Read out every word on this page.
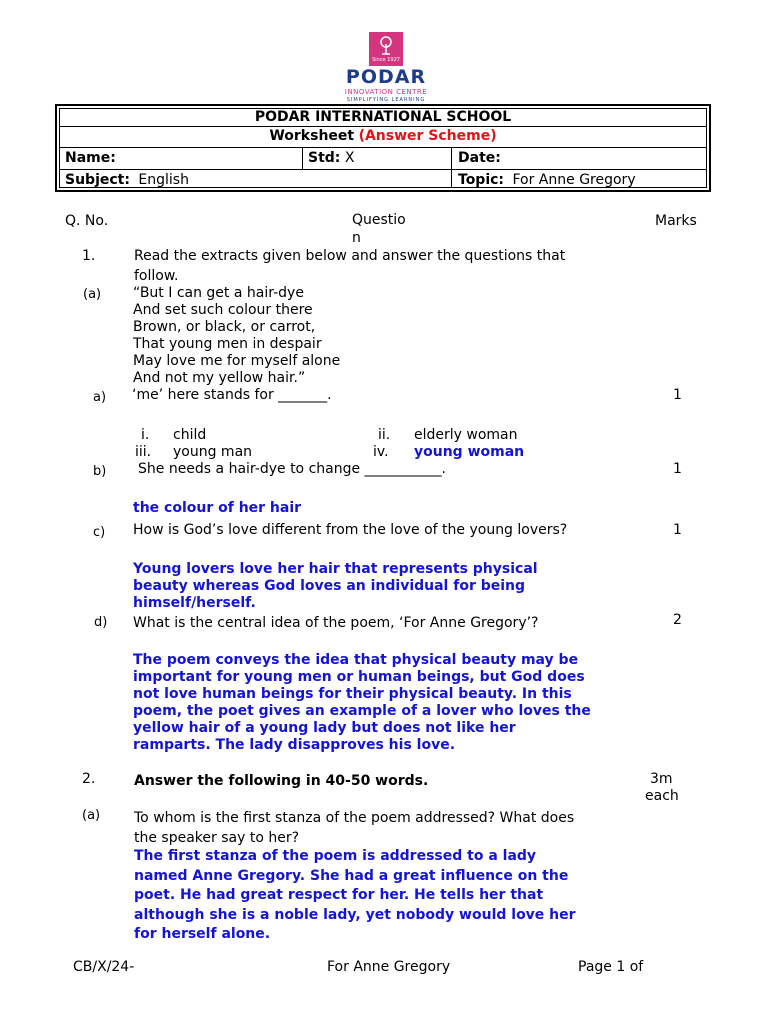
Since 1927
PODAR
INNOVATION CENTRE
SIMPLIFYING LEARNING
PODAR INTERNATIONAL SCHOOL
Worksheet (Answer Scheme)
Name:	Std: X	Date:
Subject: English	Topic: For Anne Gregory
Q. No.	Questio
n
Marks
1.	Read the extracts given below and answer the questions that
follow.
(a) “But I can get a hair-dye
And set such colour there
Brown, or black, or carrot,
That young men in despair
May love me for myself alone
And not my yellow hair.”
a) ‘me’ here stands for _______.	1
i. child	ii. elderly woman
iii. young man	iv. young woman
b) She needs a hair-dye to change ___________.	1
the colour of her hair
c) How is God’s love different from the love of the young lovers?	1
Young lovers love her hair that represents physical
beauty whereas God loves an individual for being
himself/herself.
d) What is the central idea of the poem, ‘For Anne Gregory’?	2
The poem conveys the idea that physical beauty may be
important for young men or human beings, but God does
not love human beings for their physical beauty. In this
poem, the poet gives an example of a lover who loves the
yellow hair of a young lady but does not like her
ramparts. The lady disapproves his love.
2.	Answer the following in 40-50 words.	3m
each
(a) To whom is the first stanza of the poem addressed? What does
the speaker say to her?
The first stanza of the poem is addressed to a lady
named Anne Gregory. She had a great influence on the
poet. He had great respect for her. He tells her that
although she is a noble lady, yet nobody would love her
for herself alone.
CB/X/24-	For Anne Gregory	Page 1 of
